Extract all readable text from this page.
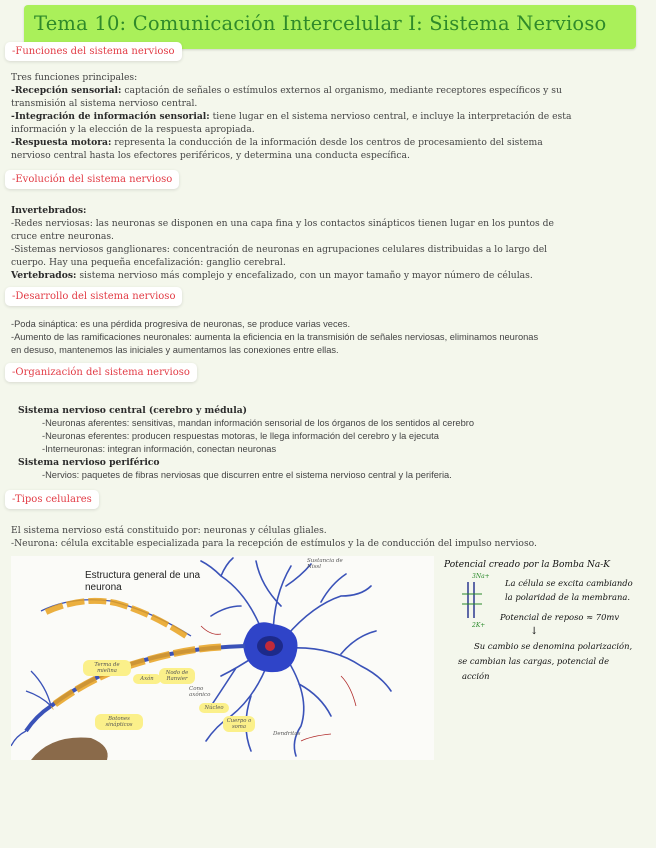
Tema 10: Comunicación Intercelular I: Sistema Nervioso
-Funciones del sistema nervioso
Tres funciones principales:
-Recepción sensorial: captación de señales o estímulos externos al organismo, mediante receptores específicos y su
transmisión al sistema nervioso central.
-Integración de información sensorial: tiene lugar en el sistema nervioso central, e incluye la interpretación de esta
información y la elección de la respuesta apropiada.
-Respuesta motora: representa la conducción de la información desde los centros de procesamiento del sistema
nervioso central hasta los efectores periféricos, y determina una conducta específica.
-Evolución del sistema nervioso
Invertebrados:
-Redes nerviosas: las neuronas se disponen en una capa fina y los contactos sinápticos tienen lugar en los puntos de
cruce entre neuronas.
-Sistemas nerviosos ganglionares: concentración de neuronas en agrupaciones celulares distribuidas a lo largo del
cuerpo. Hay una pequeña encefalización: ganglio cerebral.
Vertebrados: sistema nervioso más complejo y encefalizado, con un mayor tamaño y mayor número de células.
-Desarrollo del sistema nervioso
-Poda sináptica: es una pérdida progresiva de neuronas, se produce varias veces.
-Aumento de las ramificaciones neuronales: aumenta la eficiencia en la transmisión de señales nerviosas, eliminamos neuronas
en desuso, mantenemos las iniciales y aumentamos las conexiones entre ellas.
-Organización del sistema nervioso
Sistema nervioso central (cerebro y médula)
-Neuronas aferentes: sensitivas, mandan información sensorial de los órganos de los sentidos al cerebro
-Neuronas eferentes: producen respuestas motoras, le llega información del cerebro y la ejecuta
-Interneuronas: integran información, conectan neuronas
Sistema nervioso periférico
-Nervios: paquetes de fibras nerviosas que discurren entre el sistema nervioso central y la periferia.
-Tipos celulares
El sistema nervioso está constituido por: neuronas y células gliales.
-Neurona: célula excitable especializada para la recepción de estímulos y la de conducción del impulso nervioso.
Estructura general de una neurona
Sustancia de Nissl
Terma de mielina
Axón
Nodo de Ranvier
Cono axónico
Núcleo
Cuerpo o soma
Botones sinápticos
Dendritas
Potencial creado por la Bomba Na-K
3Na+
2K+
La célula se excita cambiando
la polaridad de la membrana.
Potencial de reposo ≈ 70mv
↓
Su cambio se denomina polarización,
se cambian las cargas, potencial de
acción
